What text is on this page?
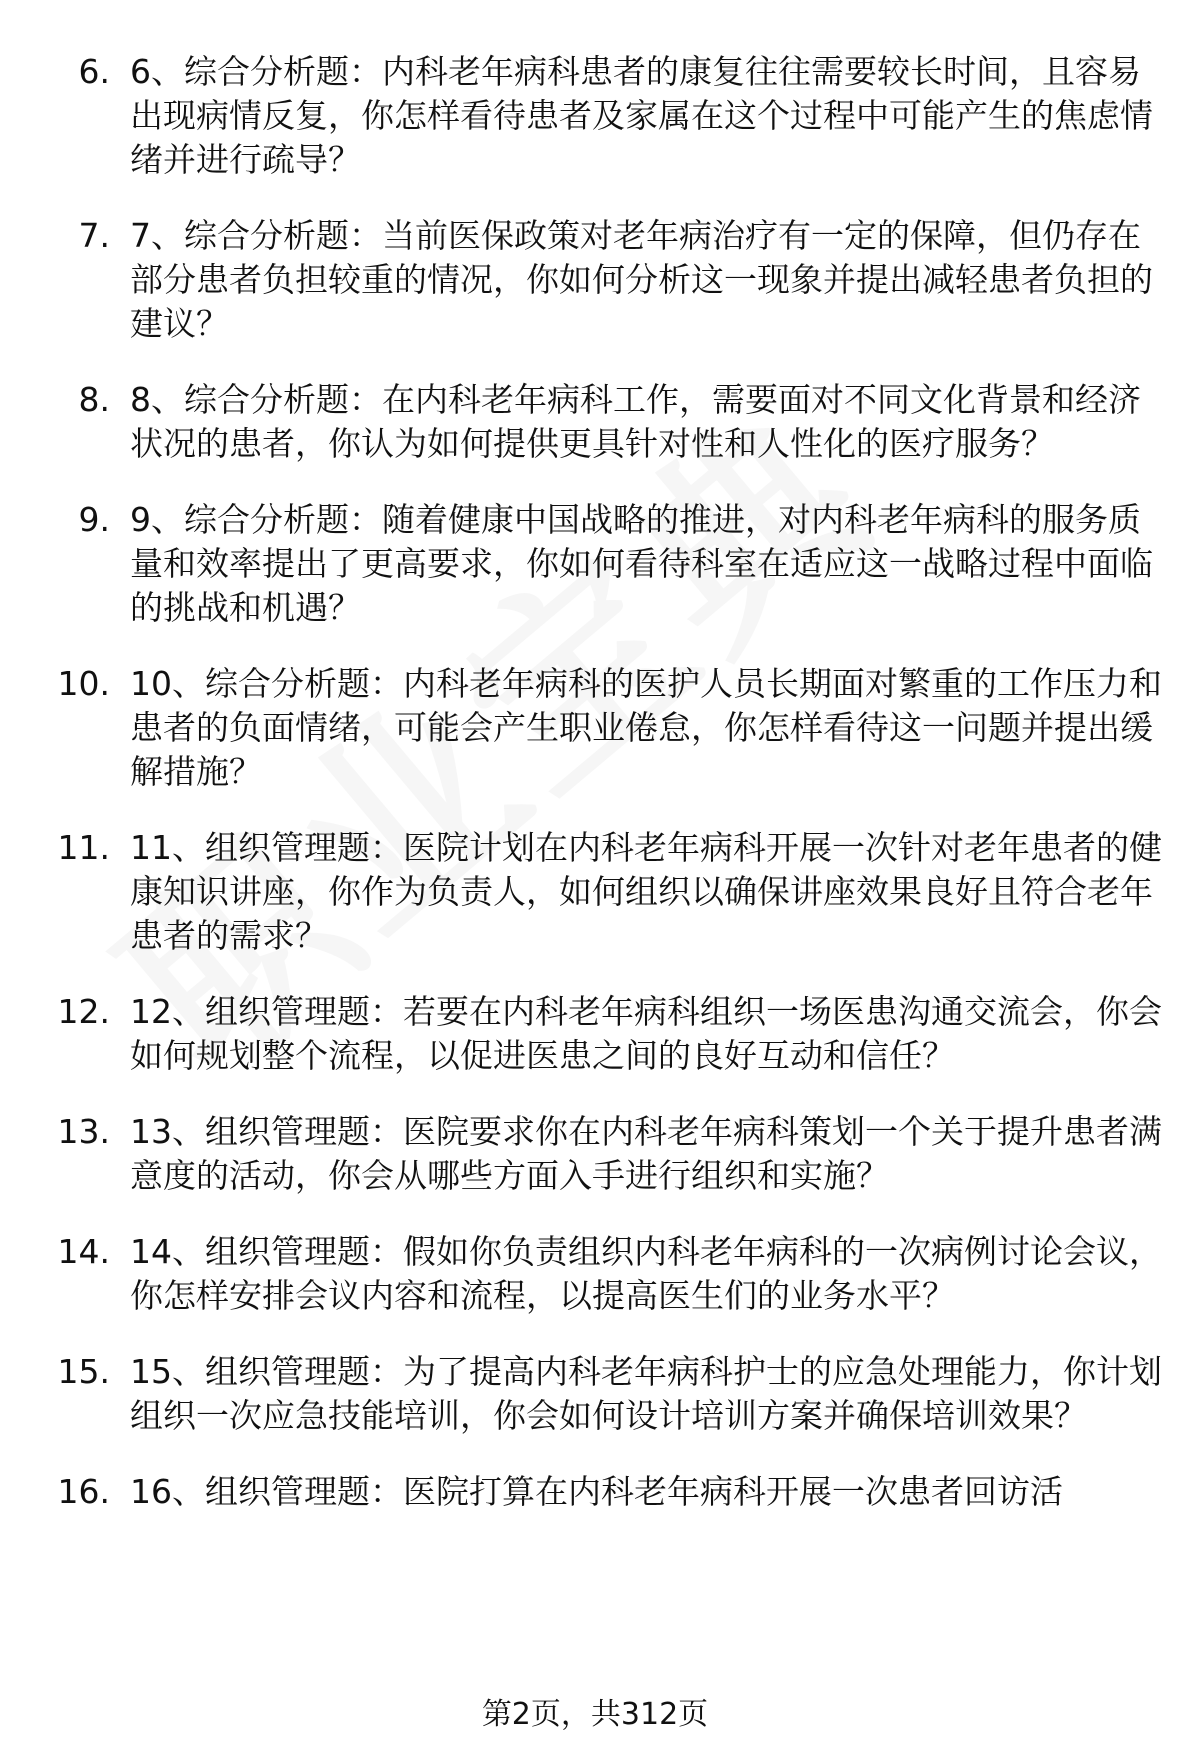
6. 6、综合分析题：内科老年病科患者的康复往往需要较长时间，且容易出现病情反复，你怎样看待患者及家属在这个过程中可能产生的焦虑情绪并进行疏导？
7. 7、综合分析题：当前医保政策对老年病治疗有一定的保障，但仍存在部分患者负担较重的情况，你如何分析这一现象并提出减轻患者负担的建议？
8. 8、综合分析题：在内科老年病科工作，需要面对不同文化背景和经济状况的患者，你认为如何提供更具针对性和人性化的医疗服务？
9. 9、综合分析题：随着健康中国战略的推进，对内科老年病科的服务质量和效率提出了更高要求，你如何看待科室在适应这一战略过程中面临的挑战和机遇？
10. 10、综合分析题：内科老年病科的医护人员长期面对繁重的工作压力和患者的负面情绪，可能会产生职业倦怠，你怎样看待这一问题并提出缓解措施？
11. 11、组织管理题：医院计划在内科老年病科开展一次针对老年患者的健康知识讲座，你作为负责人，如何组织以确保讲座效果良好且符合老年患者的需求？
12. 12、组织管理题：若要在内科老年病科组织一场医患沟通交流会，你会如何规划整个流程，以促进医患之间的良好互动和信任？
13. 13、组织管理题：医院要求你在内科老年病科策划一个关于提升患者满意度的活动，你会从哪些方面入手进行组织和实施？
14. 14、组织管理题：假如你负责组织内科老年病科的一次病例讨论会议，你怎样安排会议内容和流程，以提高医生们的业务水平？
15. 15、组织管理题：为了提高内科老年病科护士的应急处理能力，你计划组织一次应急技能培训，你会如何设计培训方案并确保培训效果？
16. 16、组织管理题：医院打算在内科老年病科开展一次患者回访活
第2页，共312页
